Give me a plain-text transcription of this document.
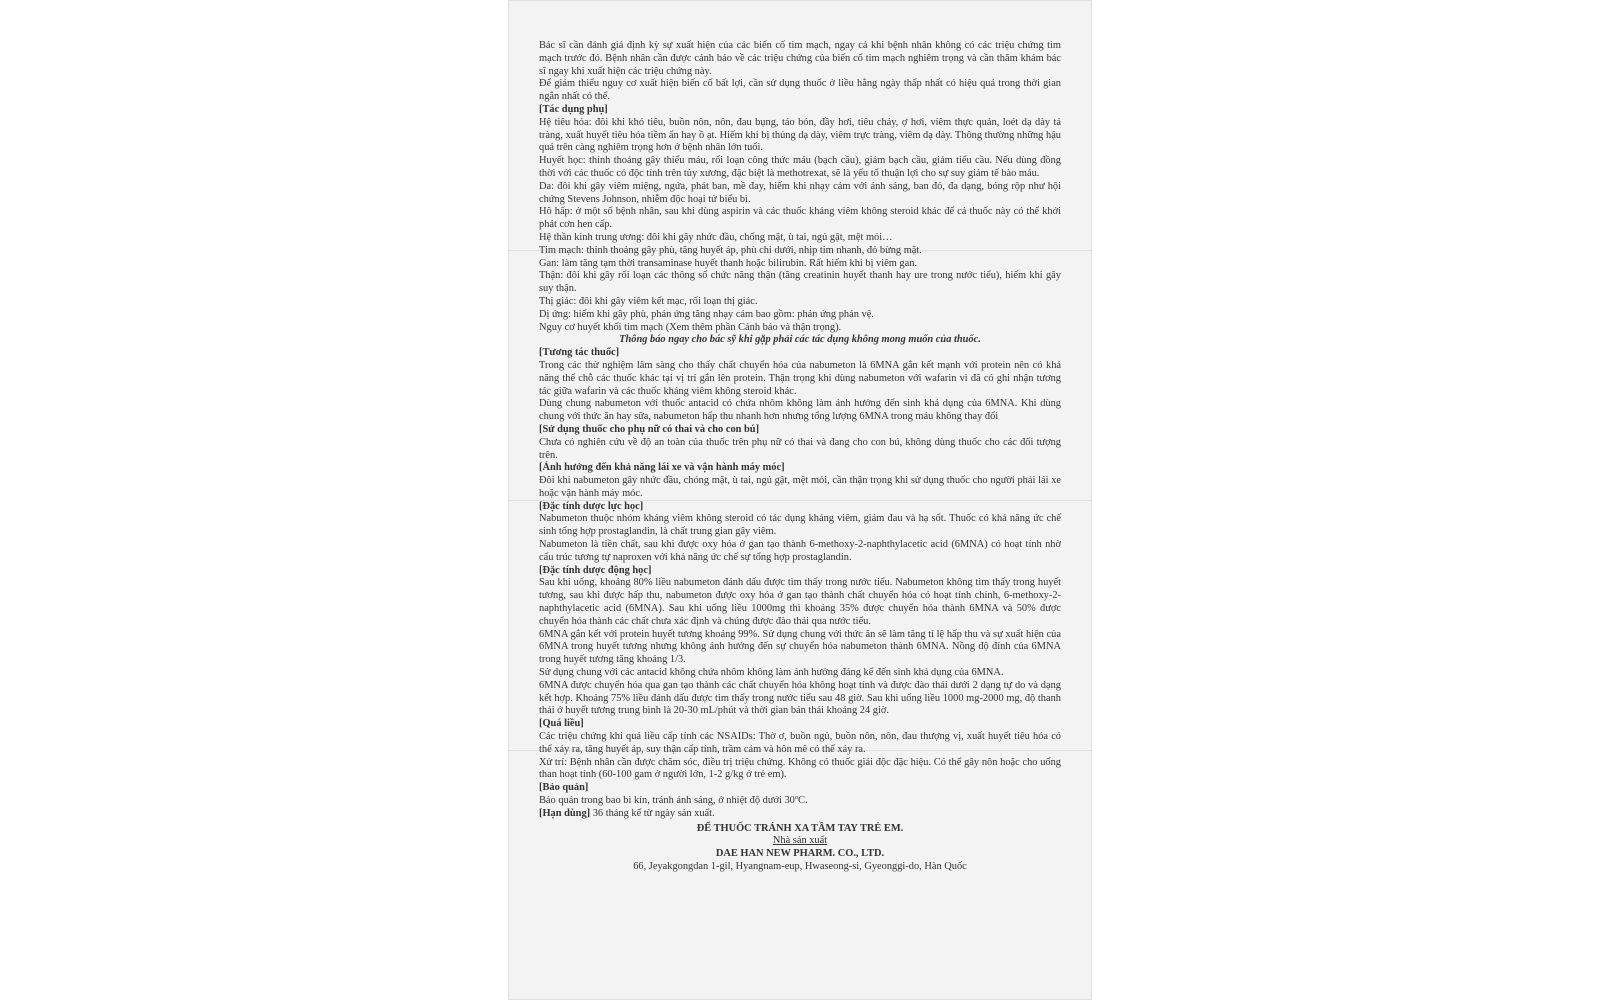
Bác sĩ cần đánh giá định kỳ sự xuất hiện của các biến cố tim mạch, ngay cả khi bệnh nhân không có các triệu chứng tim mạch trước đó. Bệnh nhân cần được cảnh báo về các triệu chứng của biến cố tim mạch nghiêm trọng và cần thăm khám bác sĩ ngay khi xuất hiện các triệu chứng này.

Để giảm thiểu nguy cơ xuất hiện biến cố bất lợi, cần sử dụng thuốc ở liều hằng ngày thấp nhất có hiệu quả trong thời gian ngắn nhất có thể.

[Tác dụng phụ]

Hệ tiêu hóa: đôi khi khó tiêu, buồn nôn, nôn, đau bụng, táo bón, đầy hơi, tiêu chảy, ợ hơi, viêm thực quản, loét dạ dày tá tràng, xuất huyết tiêu hóa tiềm ẩn hay ồ ạt. Hiếm khi bị thủng dạ dày, viêm trực tràng, viêm dạ dày. Thông thường những hậu quả trên càng nghiêm trọng hơn ở bệnh nhân lớn tuổi.

Huyết học: thỉnh thoảng gây thiếu máu, rối loạn công thức máu (bạch cầu), giảm bạch cầu, giảm tiểu cầu. Nếu dùng đồng thời với các thuốc có độc tính trên tủy xương, đặc biệt là methotrexat, sẽ là yếu tố thuận lợi cho sự suy giảm tế bào máu.

Da: đôi khi gây viêm miệng, ngứa, phát ban, mề đay, hiếm khi nhạy cảm với ánh sáng, ban đỏ, đa dạng, bóng rộp như hội chứng Stevens Johnson, nhiễm độc hoại tử biểu bì.

Hô hấp: ở một số bệnh nhân, sau khi dùng aspirin và các thuốc kháng viêm không steroid khác để cả thuốc này có thể khởi phát cơn hen cấp.

Hệ thần kinh trung ương: đôi khi gây nhức đầu, chống mặt, ù tai, ngủ gật, mệt mỏi…

Tim mạch: thỉnh thoảng gây phù, tăng huyết áp, phù chi dưới, nhịp tim nhanh, đỏ bừng mặt.

Gan: làm tăng tạm thời transaminase huyết thanh hoặc bilirubin. Rất hiếm khi bị viêm gan.

Thận: đôi khi gây rối loạn các thông số chức năng thận (tăng creatinin huyết thanh hay ure trong nước tiểu), hiếm khi gây suy thận.

Thị giác: đôi khi gây viêm kết mạc, rối loạn thị giác.

Dị ứng: hiếm khi gây phù, phản ứng tăng nhạy cảm bao gồm: phản ứng phản vệ.

Nguy cơ huyết khối tim mạch (Xem thêm phần Cảnh báo và thận trọng).

Thông báo ngay cho bác sỹ khi gặp phải các tác dụng không mong muốn của thuốc.

[Tương tác thuốc]

Trong các thử nghiệm lâm sàng cho thấy chất chuyển hóa của nabumeton là 6MNA gắn kết mạnh với protein nên có khả năng thế chỗ các thuốc khác tại vị trí gắn lên protein. Thận trọng khi dùng nabumeton với wafarin vì đã có ghi nhận tương tác giữa wafarin và các thuốc kháng viêm không steroid khác.

Dùng chung nabumeton với thuốc antacid có chứa nhôm không làm ảnh hưởng đến sinh khả dụng của 6MNA. Khi dùng chung với thức ăn hay sữa, nabumeton hấp thu nhanh hơn nhưng tổng lượng 6MNA trong máu không thay đổi

[Sử dụng thuốc cho phụ nữ có thai và cho con bú]

Chưa có nghiên cứu về độ an toàn của thuốc trên phụ nữ có thai và đang cho con bú, không dùng thuốc cho các đối tượng trên.

[Ảnh hưởng đến khả năng lái xe và vận hành máy móc]

Đôi khi nabumeton gây nhức đầu, chóng mặt, ù tai, ngủ gật, mệt mỏi, cần thận trọng khi sử dụng thuốc cho người phải lái xe hoặc vận hành máy móc.

[Đặc tính dược lực học]

Nabumeton thuộc nhóm kháng viêm không steroid có tác dụng kháng viêm, giảm đau và hạ sốt. Thuốc có khả năng ức chế sinh tổng hợp prostaglandin, là chất trung gian gây viêm.

Nabumeton là tiền chất, sau khi được oxy hóa ở gan tạo thành 6-methoxy-2-naphthylacetic acid (6MNA) có hoạt tính nhờ cấu trúc tương tự naproxen với khả năng ức chế sự tổng hợp prostaglandin.

[Đặc tính dược động học]

Sau khi uống, khoảng 80% liều nabumeton đánh dấu được tìm thấy trong nước tiểu. Nabumeton không tìm thấy trong huyết tương, sau khi được hấp thu, nabumeton được oxy hóa ở gan tạo thành chất chuyển hóa có hoạt tính chính, 6-methoxy-2-naphthylacetic acid (6MNA). Sau khi uống liều 1000mg thì khoảng 35% được chuyển hóa thành 6MNA và 50% được chuyển hóa thành các chất chưa xác định và chúng được đào thải qua nước tiểu.

6MNA gắn kết với protein huyết tương khoảng 99%. Sử dụng chung với thức ăn sẽ làm tăng tỉ lệ hấp thu và sự xuất hiện của 6MNA trong huyết tương nhưng không ảnh hưởng đến sự chuyển hóa nabumeton thành 6MNA. Nồng độ đỉnh của 6MNA trong huyết tương tăng khoảng 1/3.

Sử dụng chung với các antacid không chứa nhôm không làm ảnh hưởng đáng kể đến sinh khả dụng của 6MNA.

6MNA được chuyển hóa qua gan tạo thành các chất chuyển hóa không hoạt tính và được đào thải dưới 2 dạng tự do và dạng kết hợp. Khoảng 75% liều đánh dấu được tìm thấy trong nước tiểu sau 48 giờ. Sau khi uống liều 1000 mg-2000 mg, độ thanh thải ở huyết tương trung bình là 20-30 mL/phút và thời gian bán thải khoảng 24 giờ.

[Quá liều]

Các triệu chứng khi quá liều cấp tính các NSAIDs: Thờ ơ, buồn ngủ, buồn nôn, nôn, đau thượng vị, xuất huyết tiêu hóa có thể xảy ra, tăng huyết áp, suy thận cấp tính, trầm cảm và hôn mê có thể xảy ra.

Xử trí: Bệnh nhân cần được chăm sóc, điều trị triệu chứng. Không có thuốc giải độc đặc hiệu. Có thể gây nôn hoặc cho uống than hoạt tính (60-100 gam ở người lớn, 1-2 g/kg ở trẻ em).

[Bảo quản]

Bảo quản trong bao bì kín, tránh ánh sáng, ở nhiệt độ dưới 30ºC.

[Hạn dùng] 36 tháng kể từ ngày sản xuất.

ĐỂ THUỐC TRÁNH XA TẦM TAY TRẺ EM.
Nhà sản xuất
DAE HAN NEW PHARM. CO., LTD.
66, Jeyakgongdan 1-gil, Hyangnam-eup, Hwaseong-si, Gyeonggi-do, Hàn Quốc
